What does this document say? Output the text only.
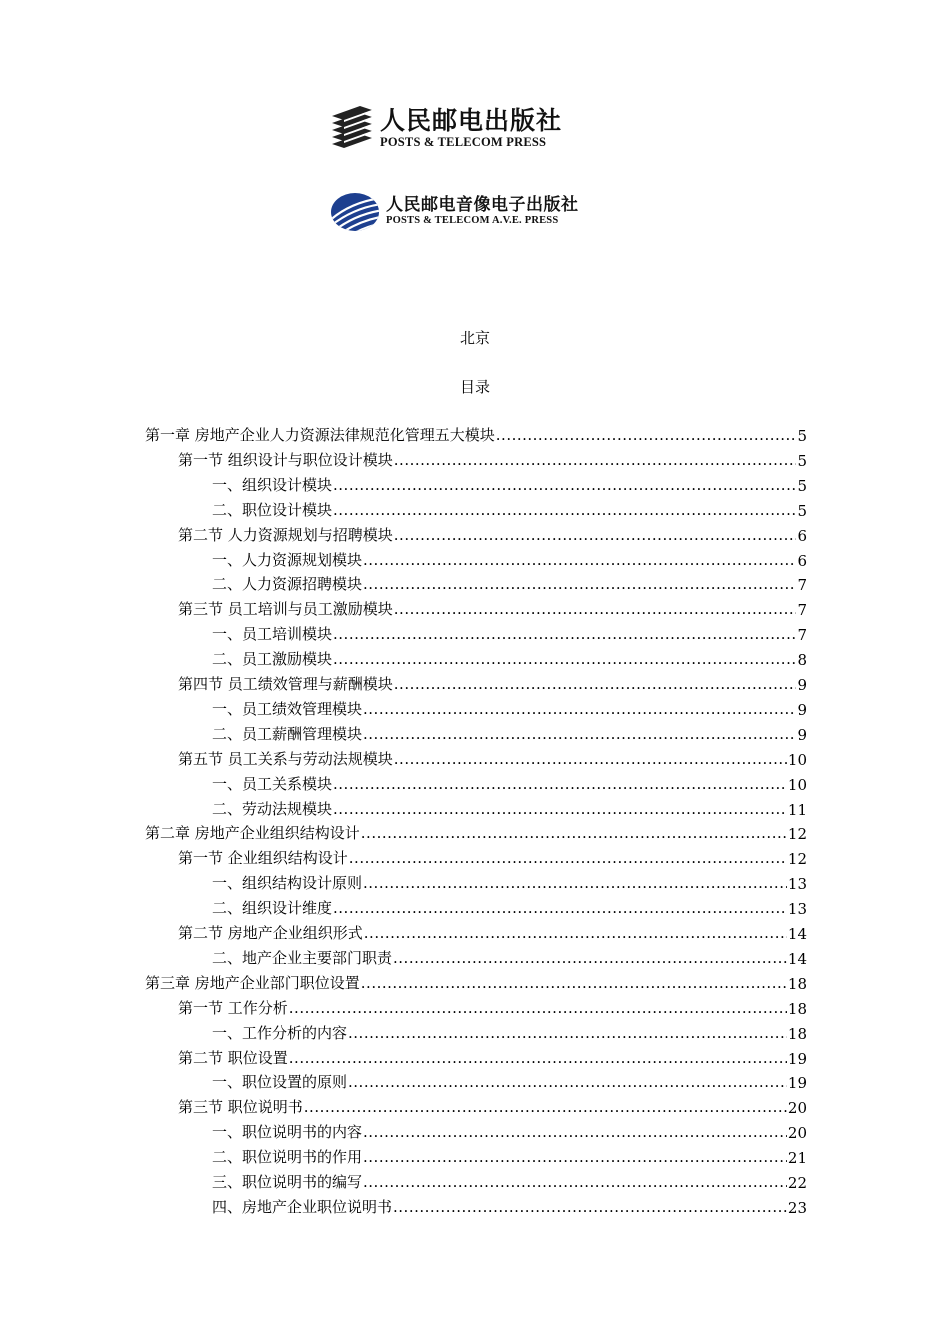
人民邮电出版社
POSTS & TELECOM PRESS
人民邮电音像电子出版社
POSTS & TELECOM A.V.E. PRESS
北京
目录
第一章 房地产企业人力资源法律规范化管理五大模块 .....	5
第一节 组织设计与职位设计模块 .....	5
一、组织设计模块 .....	5
二、职位设计模块 .....	5
第二节 人力资源规划与招聘模块 .....	6
一、人力资源规划模块 .....	6
二、人力资源招聘模块 .....	7
第三节 员工培训与员工激励模块 .....	7
一、员工培训模块 .....	7
二、员工激励模块 .....	8
第四节 员工绩效管理与薪酬模块 .....	9
一、员工绩效管理模块 .....	9
二、员工薪酬管理模块 .....	9
第五节 员工关系与劳动法规模块 .....	10
一、员工关系模块 .....	10
二、劳动法规模块 .....	11
第二章 房地产企业组织结构设计 .....	12
第一节 企业组织结构设计 .....	12
一、组织结构设计原则 .....	13
二、组织设计维度 .....	13
第二节 房地产企业组织形式 .....	14
二、地产企业主要部门职责 .....	14
第三章 房地产企业部门职位设置 .....	18
第一节 工作分析 .....	18
一、工作分析的内容 .....	18
第二节 职位设置 .....	19
一、职位设置的原则 .....	19
第三节 职位说明书 .....	20
一、职位说明书的内容 .....	20
二、职位说明书的作用 .....	21
三、职位说明书的编写 .....	22
四、房地产企业职位说明书 .....	23
